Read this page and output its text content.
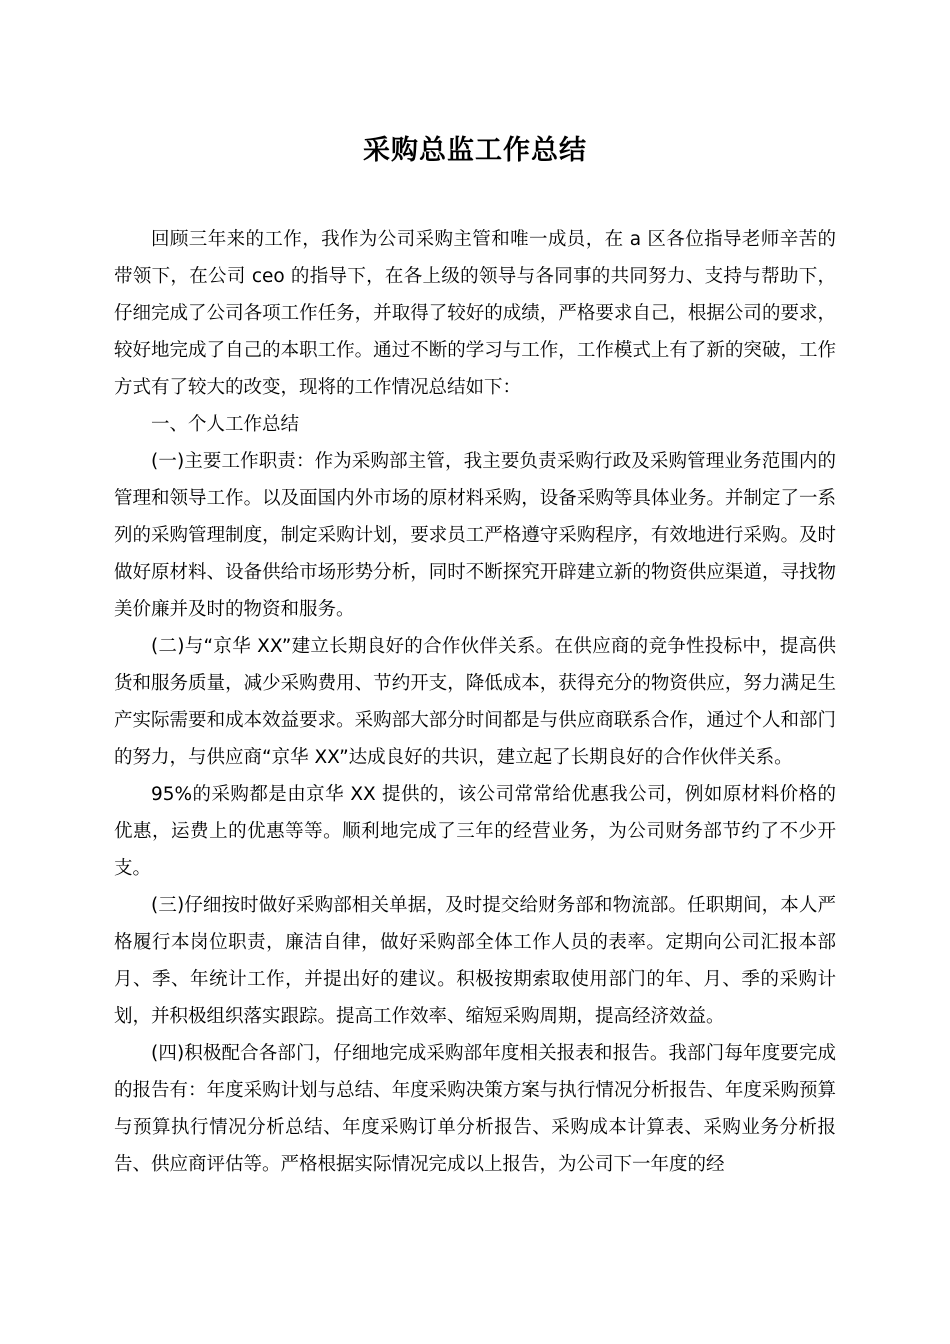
采购总监工作总结

回顾三年来的工作，我作为公司采购主管和唯一成员，在 a 区各位指导老师辛苦的带领下，在公司 ceo 的指导下，在各上级的领导与各同事的共同努力、支持与帮助下，仔细完成了公司各项工作任务，并取得了较好的成绩，严格要求自己，根据公司的要求，较好地完成了自己的本职工作。通过不断的学习与工作，工作模式上有了新的突破，工作方式有了较大的改变，现将的工作情况总结如下：

一、个人工作总结

(一)主要工作职责：作为采购部主管，我主要负责采购行政及采购管理业务范围内的管理和领导工作。以及面国内外市场的原材料采购，设备采购等具体业务。并制定了一系列的采购管理制度，制定采购计划，要求员工严格遵守采购程序，有效地进行采购。及时做好原材料、设备供给市场形势分析，同时不断探究开辟建立新的物资供应渠道，寻找物美价廉并及时的物资和服务。

(二)与“京华 XX”建立长期良好的合作伙伴关系。在供应商的竞争性投标中，提高供货和服务质量，减少采购费用、节约开支，降低成本，获得充分的物资供应，努力满足生产实际需要和成本效益要求。采购部大部分时间都是与供应商联系合作，通过个人和部门的努力，与供应商“京华 XX”达成良好的共识，建立起了长期良好的合作伙伴关系。

95%的采购都是由京华 XX 提供的，该公司常常给优惠我公司，例如原材料价格的优惠，运费上的优惠等等。顺利地完成了三年的经营业务，为公司财务部节约了不少开支。

(三)仔细按时做好采购部相关单据，及时提交给财务部和物流部。任职期间，本人严格履行本岗位职责，廉洁自律，做好采购部全体工作人员的表率。定期向公司汇报本部月、季、年统计工作，并提出好的建议。积极按期索取使用部门的年、月、季的采购计划，并积极组织落实跟踪。提高工作效率、缩短采购周期，提高经济效益。

(四)积极配合各部门，仔细地完成采购部年度相关报表和报告。我部门每年度要完成的报告有：年度采购计划与总结、年度采购决策方案与执行情况分析报告、年度采购预算与预算执行情况分析总结、年度采购订单分析报告、采购成本计算表、采购业务分析报告、供应商评估等。严格根据实际情况完成以上报告，为公司下一年度的经
